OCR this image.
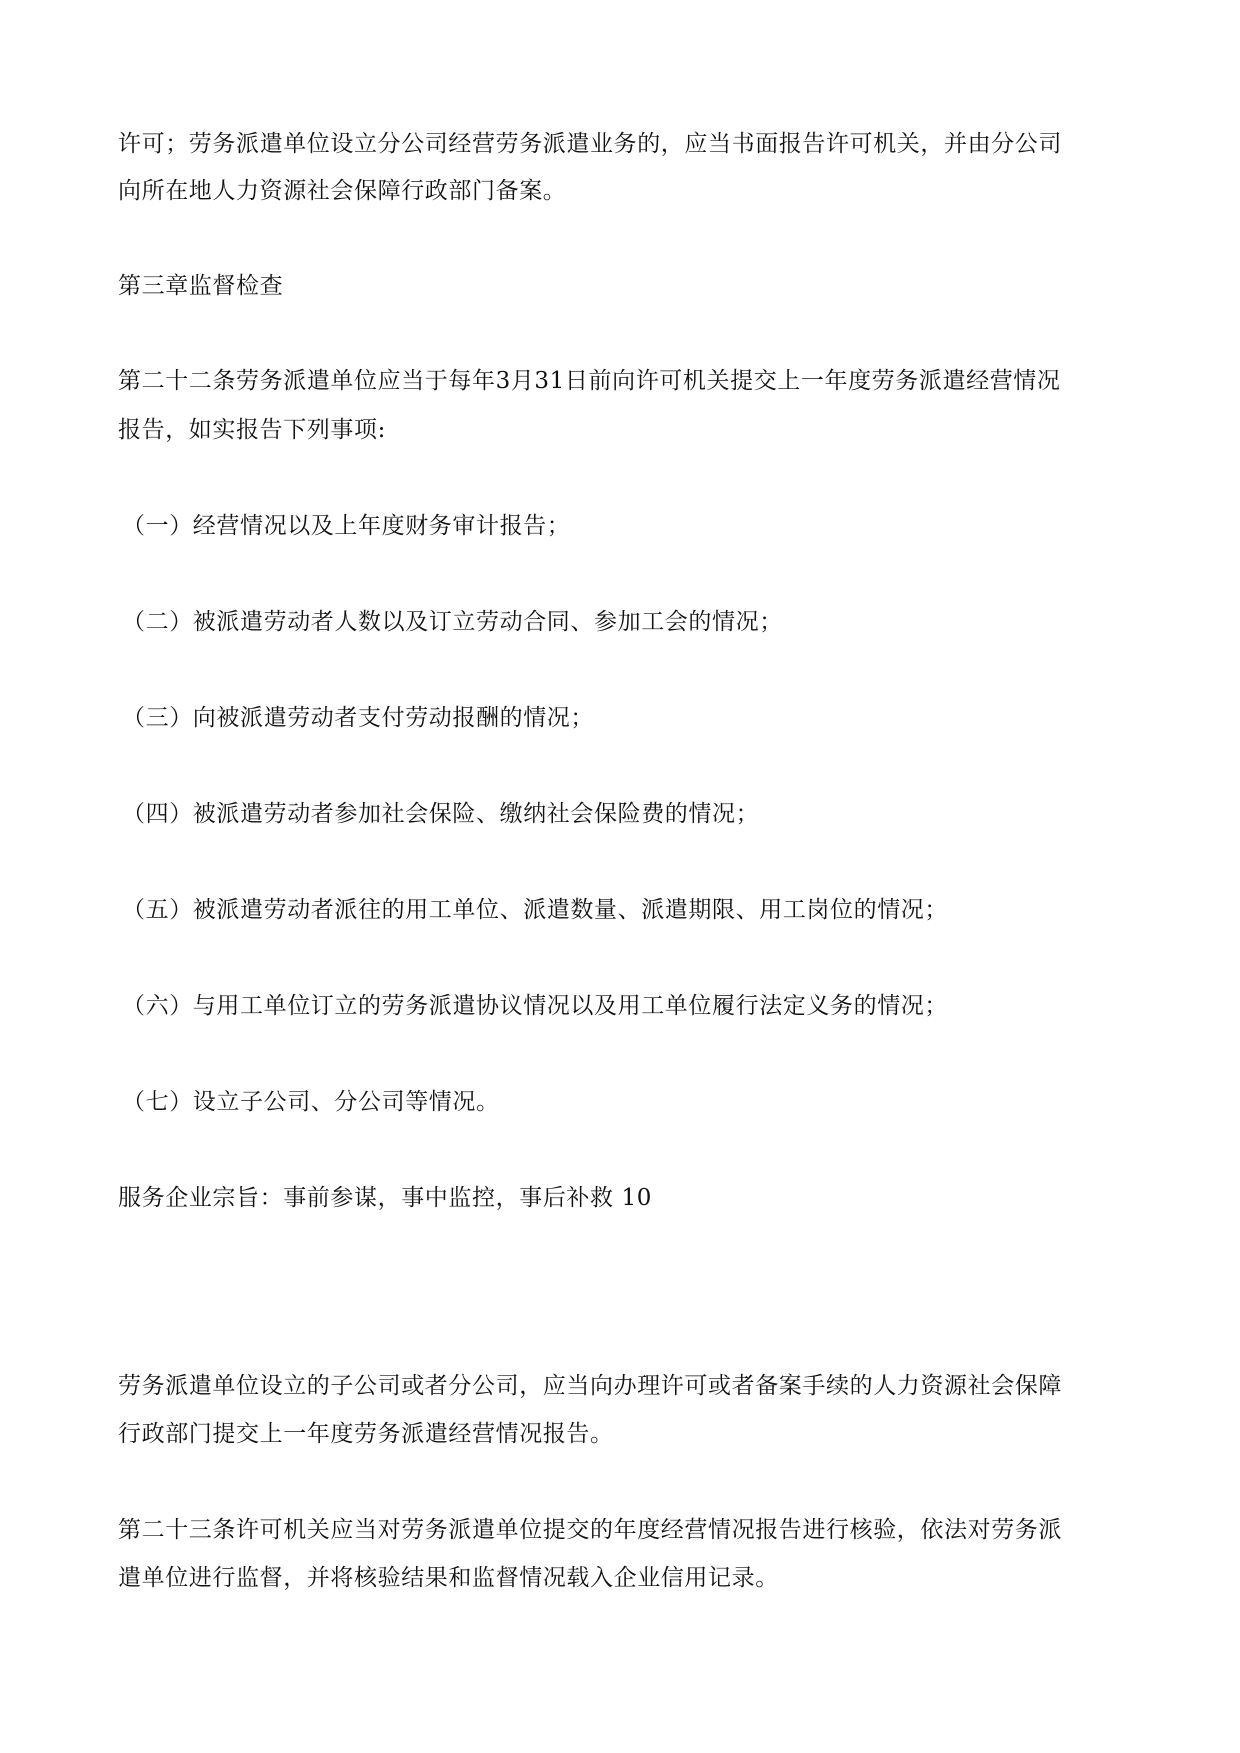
许可；劳务派遣单位设立分公司经营劳务派遣业务的，应当书面报告许可机关，并由分公司
向所在地人力资源社会保障行政部门备案。
第三章监督检查
第二十二条劳务派遣单位应当于每年3月31日前向许可机关提交上一年度劳务派遣经营情况
报告，如实报告下列事项:
（一）经营情况以及上年度财务审计报告；
（二）被派遣劳动者人数以及订立劳动合同、参加工会的情况；
（三）向被派遣劳动者支付劳动报酬的情况；
（四）被派遣劳动者参加社会保险、缴纳社会保险费的情况；
（五）被派遣劳动者派往的用工单位、派遣数量、派遣期限、用工岗位的情况；
（六）与用工单位订立的劳务派遣协议情况以及用工单位履行法定义务的情况；
（七）设立子公司、分公司等情况。
服务企业宗旨：事前参谋，事中监控，事后补救 10
劳务派遣单位设立的子公司或者分公司，应当向办理许可或者备案手续的人力资源社会保障
行政部门提交上一年度劳务派遣经营情况报告。
第二十三条许可机关应当对劳务派遣单位提交的年度经营情况报告进行核验，依法对劳务派
遣单位进行监督，并将核验结果和监督情况载入企业信用记录。
